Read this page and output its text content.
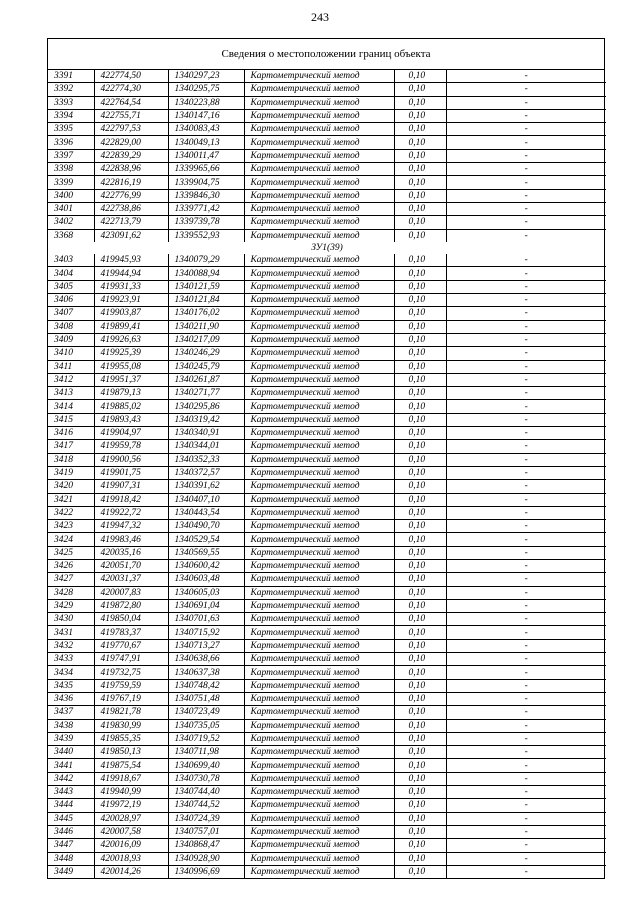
243
Сведения о местоположении границ объекта
3391	422774,50	1340297,23	Картометрический метод	0,10	-
3392	422774,30	1340295,75	Картометрический метод	0,10	-
3393	422764,54	1340223,88	Картометрический метод	0,10	-
3394	422755,71	1340147,16	Картометрический метод	0,10	-
3395	422797,53	1340083,43	Картометрический метод	0,10	-
3396	422829,00	1340049,13	Картометрический метод	0,10	-
3397	422839,29	1340011,47	Картометрический метод	0,10	-
3398	422838,96	1339965,66	Картометрический метод	0,10	-
3399	422816,19	1339904,75	Картометрический метод	0,10	-
3400	422776,99	1339846,30	Картометрический метод	0,10	-
3401	422738,86	1339771,42	Картометрический метод	0,10	-
3402	422713,79	1339739,78	Картометрический метод	0,10	-
3368	423091,62	1339552,93	Картометрический метод	0,10	-
ЗУ1(39)					
3403	419945,93	1340079,29	Картометрический метод	0,10	-
3404	419944,94	1340088,94	Картометрический метод	0,10	-
3405	419931,33	1340121,59	Картометрический метод	0,10	-
3406	419923,91	1340121,84	Картометрический метод	0,10	-
3407	419903,87	1340176,02	Картометрический метод	0,10	-
3408	419899,41	1340211,90	Картометрический метод	0,10	-
3409	419926,63	1340217,09	Картометрический метод	0,10	-
3410	419925,39	1340246,29	Картометрический метод	0,10	-
3411	419955,08	1340245,79	Картометрический метод	0,10	-
3412	419951,37	1340261,87	Картометрический метод	0,10	-
3413	419879,13	1340271,77	Картометрический метод	0,10	-
3414	419885,02	1340295,86	Картометрический метод	0,10	-
3415	419893,43	1340319,42	Картометрический метод	0,10	-
3416	419904,97	1340340,91	Картометрический метод	0,10	-
3417	419959,78	1340344,01	Картометрический метод	0,10	-
3418	419900,56	1340352,33	Картометрический метод	0,10	-
3419	419901,75	1340372,57	Картометрический метод	0,10	-
3420	419907,31	1340391,62	Картометрический метод	0,10	-
3421	419918,42	1340407,10	Картометрический метод	0,10	-
3422	419922,72	1340443,54	Картометрический метод	0,10	-
3423	419947,32	1340490,70	Картометрический метод	0,10	-
3424	419983,46	1340529,54	Картометрический метод	0,10	-
3425	420035,16	1340569,55	Картометрический метод	0,10	-
3426	420051,70	1340600,42	Картометрический метод	0,10	-
3427	420031,37	1340603,48	Картометрический метод	0,10	-
3428	420007,83	1340605,03	Картометрический метод	0,10	-
3429	419872,80	1340691,04	Картометрический метод	0,10	-
3430	419850,04	1340701,63	Картометрический метод	0,10	-
3431	419783,37	1340715,92	Картометрический метод	0,10	-
3432	419770,67	1340713,27	Картометрический метод	0,10	-
3433	419747,91	1340638,66	Картометрический метод	0,10	-
3434	419732,75	1340637,38	Картометрический метод	0,10	-
3435	419759,59	1340748,42	Картометрический метод	0,10	-
3436	419767,19	1340751,48	Картометрический метод	0,10	-
3437	419821,78	1340723,49	Картометрический метод	0,10	-
3438	419830,99	1340735,05	Картометрический метод	0,10	-
3439	419855,35	1340719,52	Картометрический метод	0,10	-
3440	419850,13	1340711,98	Картометрический метод	0,10	-
3441	419875,54	1340699,40	Картометрический метод	0,10	-
3442	419918,67	1340730,78	Картометрический метод	0,10	-
3443	419940,99	1340744,40	Картометрический метод	0,10	-
3444	419972,19	1340744,52	Картометрический метод	0,10	-
3445	420028,97	1340724,39	Картометрический метод	0,10	-
3446	420007,58	1340757,01	Картометрический метод	0,10	-
3447	420016,09	1340868,47	Картометрический метод	0,10	-
3448	420018,93	1340928,90	Картометрический метод	0,10	-
3449	420014,26	1340996,69	Картометрический метод	0,10	-
